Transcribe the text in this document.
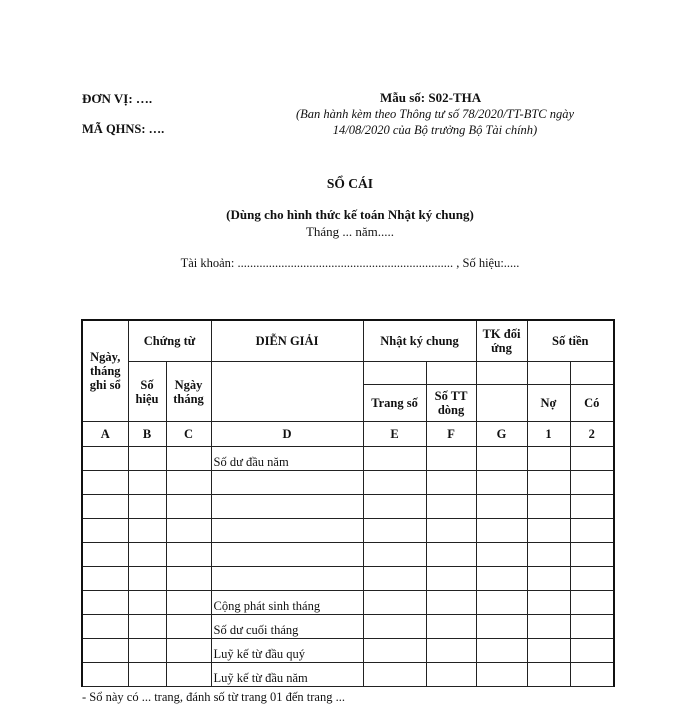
ĐƠN VỊ: ….
MÃ QHNS: ….
Mẫu số: S02-THA
(Ban hành kèm theo Thông tư số 78/2020/TT-BTC ngày 14/08/2020 của Bộ trưởng Bộ Tài chính)
SỔ CÁI
(Dùng cho hình thức kế toán Nhật ký chung)
Tháng ... năm.....
Tài khoản: ..................................................................... , Số hiệu:.....
Ngày, tháng ghi sổ	Chứng từ		DIỄN GIẢI	Nhật ký chung		TK đối ứng	Số tiền	
	Số hiệu	Ngày tháng						
				Trang số	Số TT dòng		Nợ	Có
A	B	C	D	E	F	G	1	2
			Số dư đầu năm					

			Cộng phát sinh tháng					
			Số dư cuối tháng					
			Luỹ kế từ đầu quý					
			Luỹ kế từ đầu năm					
- Sổ này có ... trang, đánh số từ trang 01 đến trang ...
